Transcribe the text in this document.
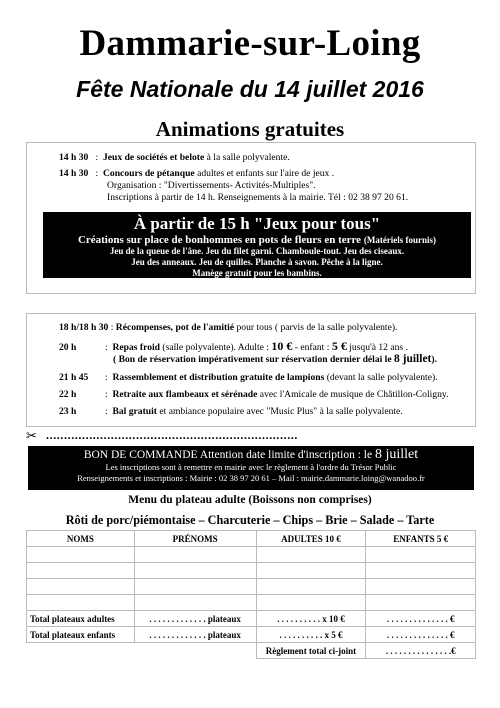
Dammarie-sur-Loing
Fête Nationale du 14 juillet 2016
Animations gratuites
14 h 30 : Jeux de sociétés et belote à la salle polyvalente.
14 h 30 : Concours de pétanque adultes et enfants sur l'aire de jeux .
Organisation : "Divertissements- Activités-Multiples".
Inscriptions à partir de 14 h. Renseignements à la mairie. Tél : 02 38 97 20 61.
À partir de 15 h "Jeux pour tous"
Créations sur place de bonhommes en pots de fleurs en terre (Matériels fournis)
Jeu de la queue de l'âne. Jeu du filet garni. Chamboule-tout. Jeu des ciseaux.
Jeu des anneaux. Jeu de quilles. Planche à savon. Pêche à la ligne.
Manège gratuit pour les bambins.
18 h/18 h 30 : Récompenses, pot de l'amitié pour tous ( parvis de la salle polyvalente).
20 h	: Repas froid (salle polyvalente). Adulte : 10 € - enfant : 5 € jusqu'à 12 ans .
( Bon de réservation impérativement sur réservation dernier délai le 8 juillet).
21 h 45 : Rassemblement et distribution gratuite de lampions (devant la salle polyvalente).
22 h	: Retraite aux flambeaux et sérénade avec l'Amicale de musique de Châtillon-Coligny.
23 h	: Bal gratuit et ambiance populaire avec "Music Plus" à la salle polyvalente.
✂ ......................................................................
BON DE COMMANDE Attention date limite d'inscription : le 8 juillet
Les inscriptions sont à remettre en mairie avec le règlement à l'ordre du Trésor Public
Renseignements et inscriptions : Mairie : 02 38 97 20 61 – Mail : mairie.dammarie.loing@wanadoo.fr
Menu du plateau adulte (Boissons non comprises)
Rôti de porc/piémontaise – Charcuterie – Chips – Brie – Salade – Tarte
NOMS	PRÉNOMS	ADULTES 10 €	ENFANTS 5 €

Total plateaux adultes	. . . . . . . . . . . . . plateaux	. . . . . . . . . . x 10 €	. . . . . . . . . . . . . . €
Total plateaux enfants	. . . . . . . . . . . . . plateaux	. . . . . . . . . . x 5 €	. . . . . . . . . . . . . . €
		Règlement total ci-joint	. . . . . . . . . . . . . . .€
